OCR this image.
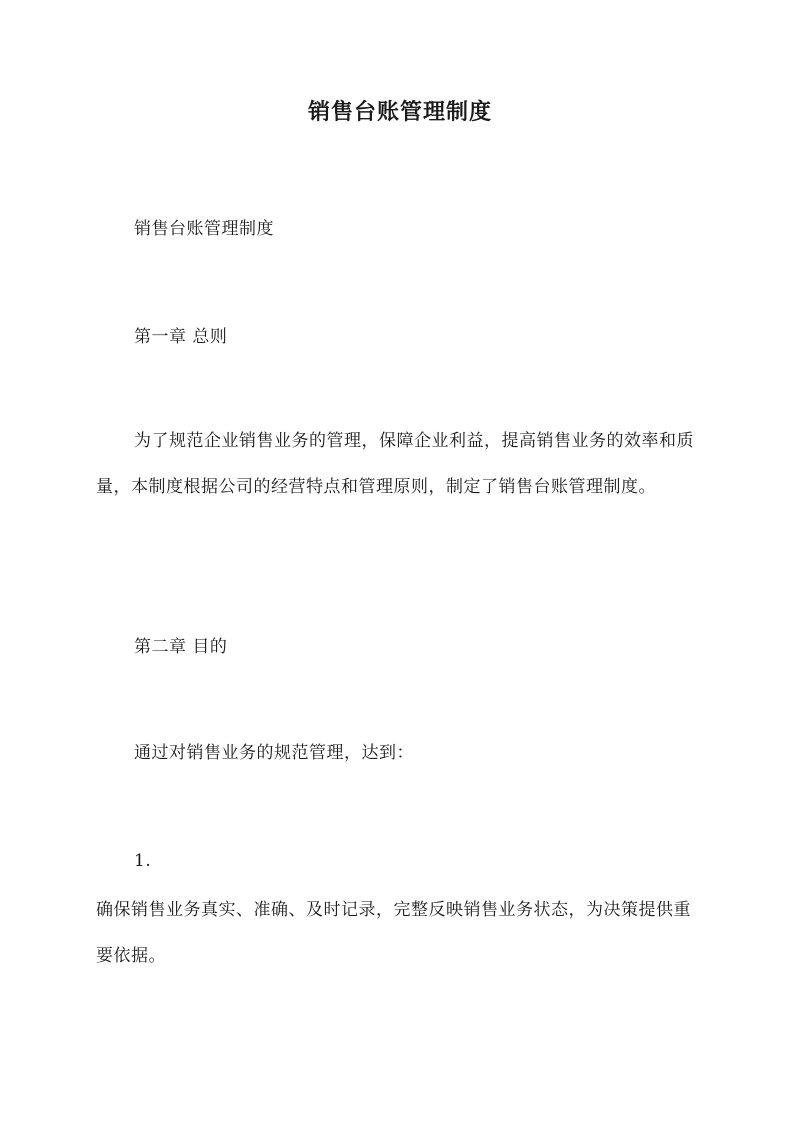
销售台账管理制度
销售台账管理制度
第一章 总则
为了规范企业销售业务的管理，保障企业利益，提高销售业务的效率和质量，本制度根据公司的经营特点和管理原则，制定了销售台账管理制度。
第二章 目的
通过对销售业务的规范管理，达到：
1.
确保销售业务真实、准确、及时记录，完整反映销售业务状态，为决策提供重要依据。
